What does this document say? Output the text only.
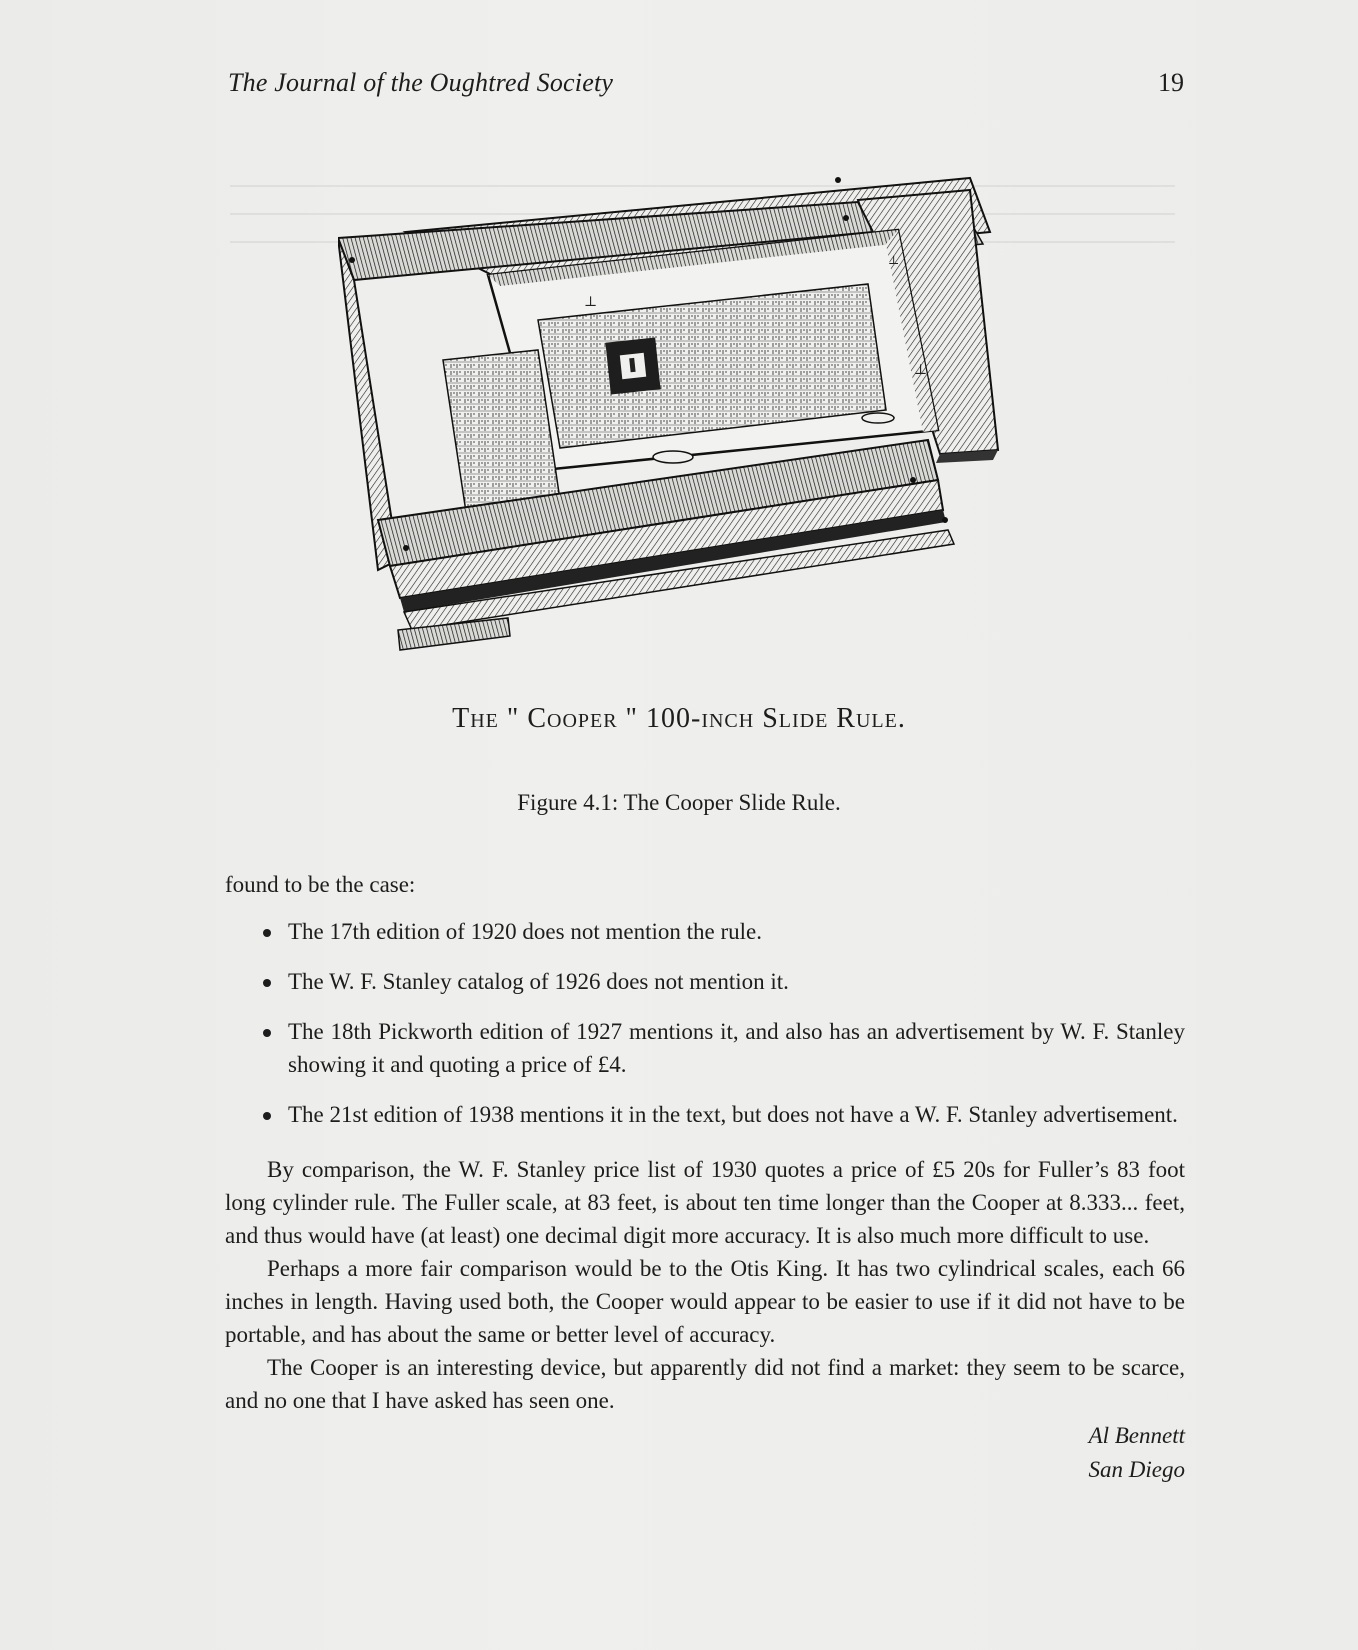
The Journal of the Oughtred Society	19
⊥
⊥
⊥
The " Cooper " 100-inch Slide Rule.
Figure 4.1: The Cooper Slide Rule.

found to be the case:

The 17th edition of 1920 does not mention the rule.
The W. F. Stanley catalog of 1926 does not mention it.
The 18th Pickworth edition of 1927 mentions it, and also has an advertisement by W. F. Stanley showing it and quoting a price of £4.
The 21st edition of 1938 mentions it in the text, but does not have a W. F. Stanley advertisement.

By comparison, the W. F. Stanley price list of 1930 quotes a price of £5 20s for Fuller’s 83 foot long cylinder rule. The Fuller scale, at 83 feet, is about ten time longer than the Cooper at 8.333... feet, and thus would have (at least) one decimal digit more accuracy. It is also much more difficult to use.

Perhaps a more fair comparison would be to the Otis King. It has two cylindrical scales, each 66 inches in length. Having used both, the Cooper would appear to be easier to use if it did not have to be portable, and has about the same or better level of accuracy.

The Cooper is an interesting device, but apparently did not find a market: they seem to be scarce, and no one that I have asked has seen one.

Al Bennett
San Diego
